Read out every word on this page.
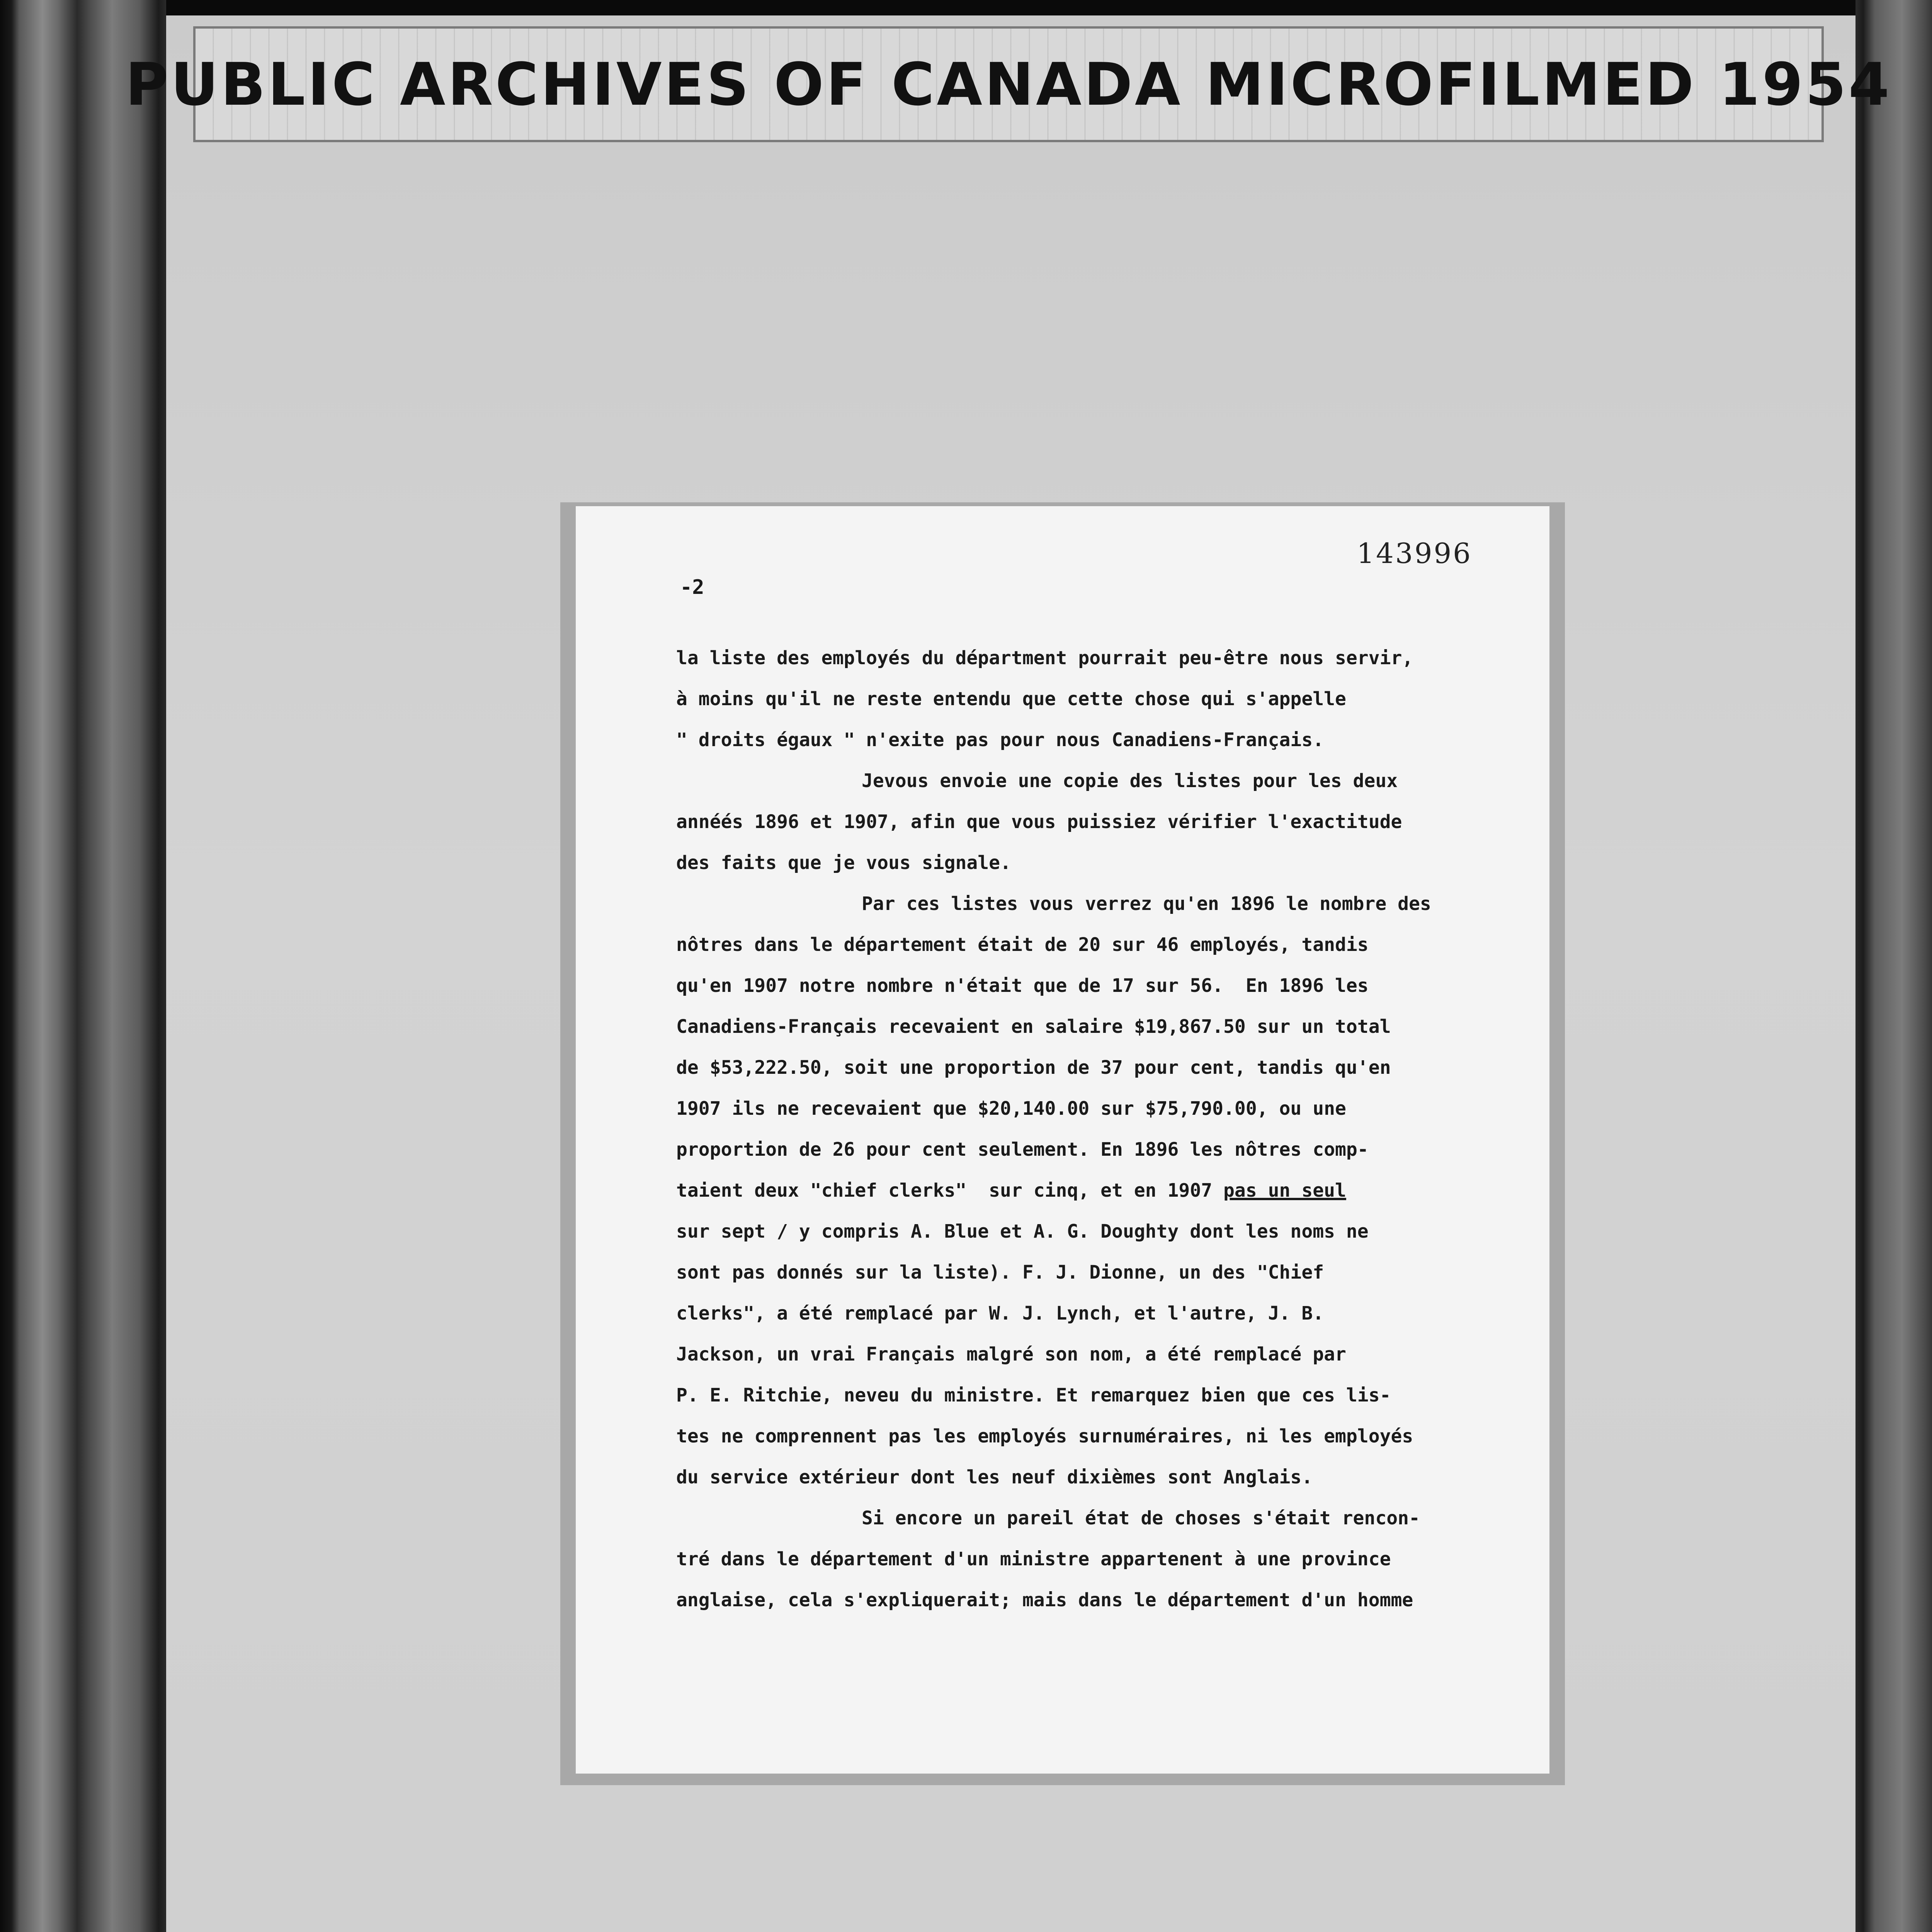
PUBLIC ARCHIVES OF CANADA MICROFILMED 1954
143996
-2
la liste des employés du départment pourrait peu-être nous servir,
à moins qu'il ne reste entendu que cette chose qui s'appelle
" droits égaux " n'exite pas pour nous Canadiens-Français.
Jevous envoie une copie des listes pour les deux
annéés 1896 et 1907, afin que vous puissiez vérifier l'exactitude
des faits que je vous signale.
Par ces listes vous verrez qu'en 1896 le nombre des
nôtres dans le département était de 20 sur 46 employés, tandis
qu'en 1907 notre nombre n'était que de 17 sur 56.  En 1896 les
Canadiens-Français recevaient en salaire $19,867.50 sur un total
de $53,222.50, soit une proportion de 37 pour cent, tandis qu'en
1907 ils ne recevaient que $20,140.00 sur $75,790.00, ou une
proportion de 26 pour cent seulement. En 1896 les nôtres comp-
taient deux "chief clerks"  sur cinq, et en 1907 pas un seul
sur sept / y compris A. Blue et A. G. Doughty dont les noms ne
sont pas donnés sur la liste). F. J. Dionne, un des "Chief
clerks", a été remplacé par W. J. Lynch, et l'autre, J. B.
Jackson, un vrai Français malgré son nom, a été remplacé par
P. E. Ritchie, neveu du ministre. Et remarquez bien que ces lis-
tes ne comprennent pas les employés surnuméraires, ni les employés
du service extérieur dont les neuf dixièmes sont Anglais.
Si encore un pareil état de choses s'était rencon-
tré dans le département d'un ministre appartenent à une province
anglaise, cela s'expliquerait; mais dans le département d'un homme
